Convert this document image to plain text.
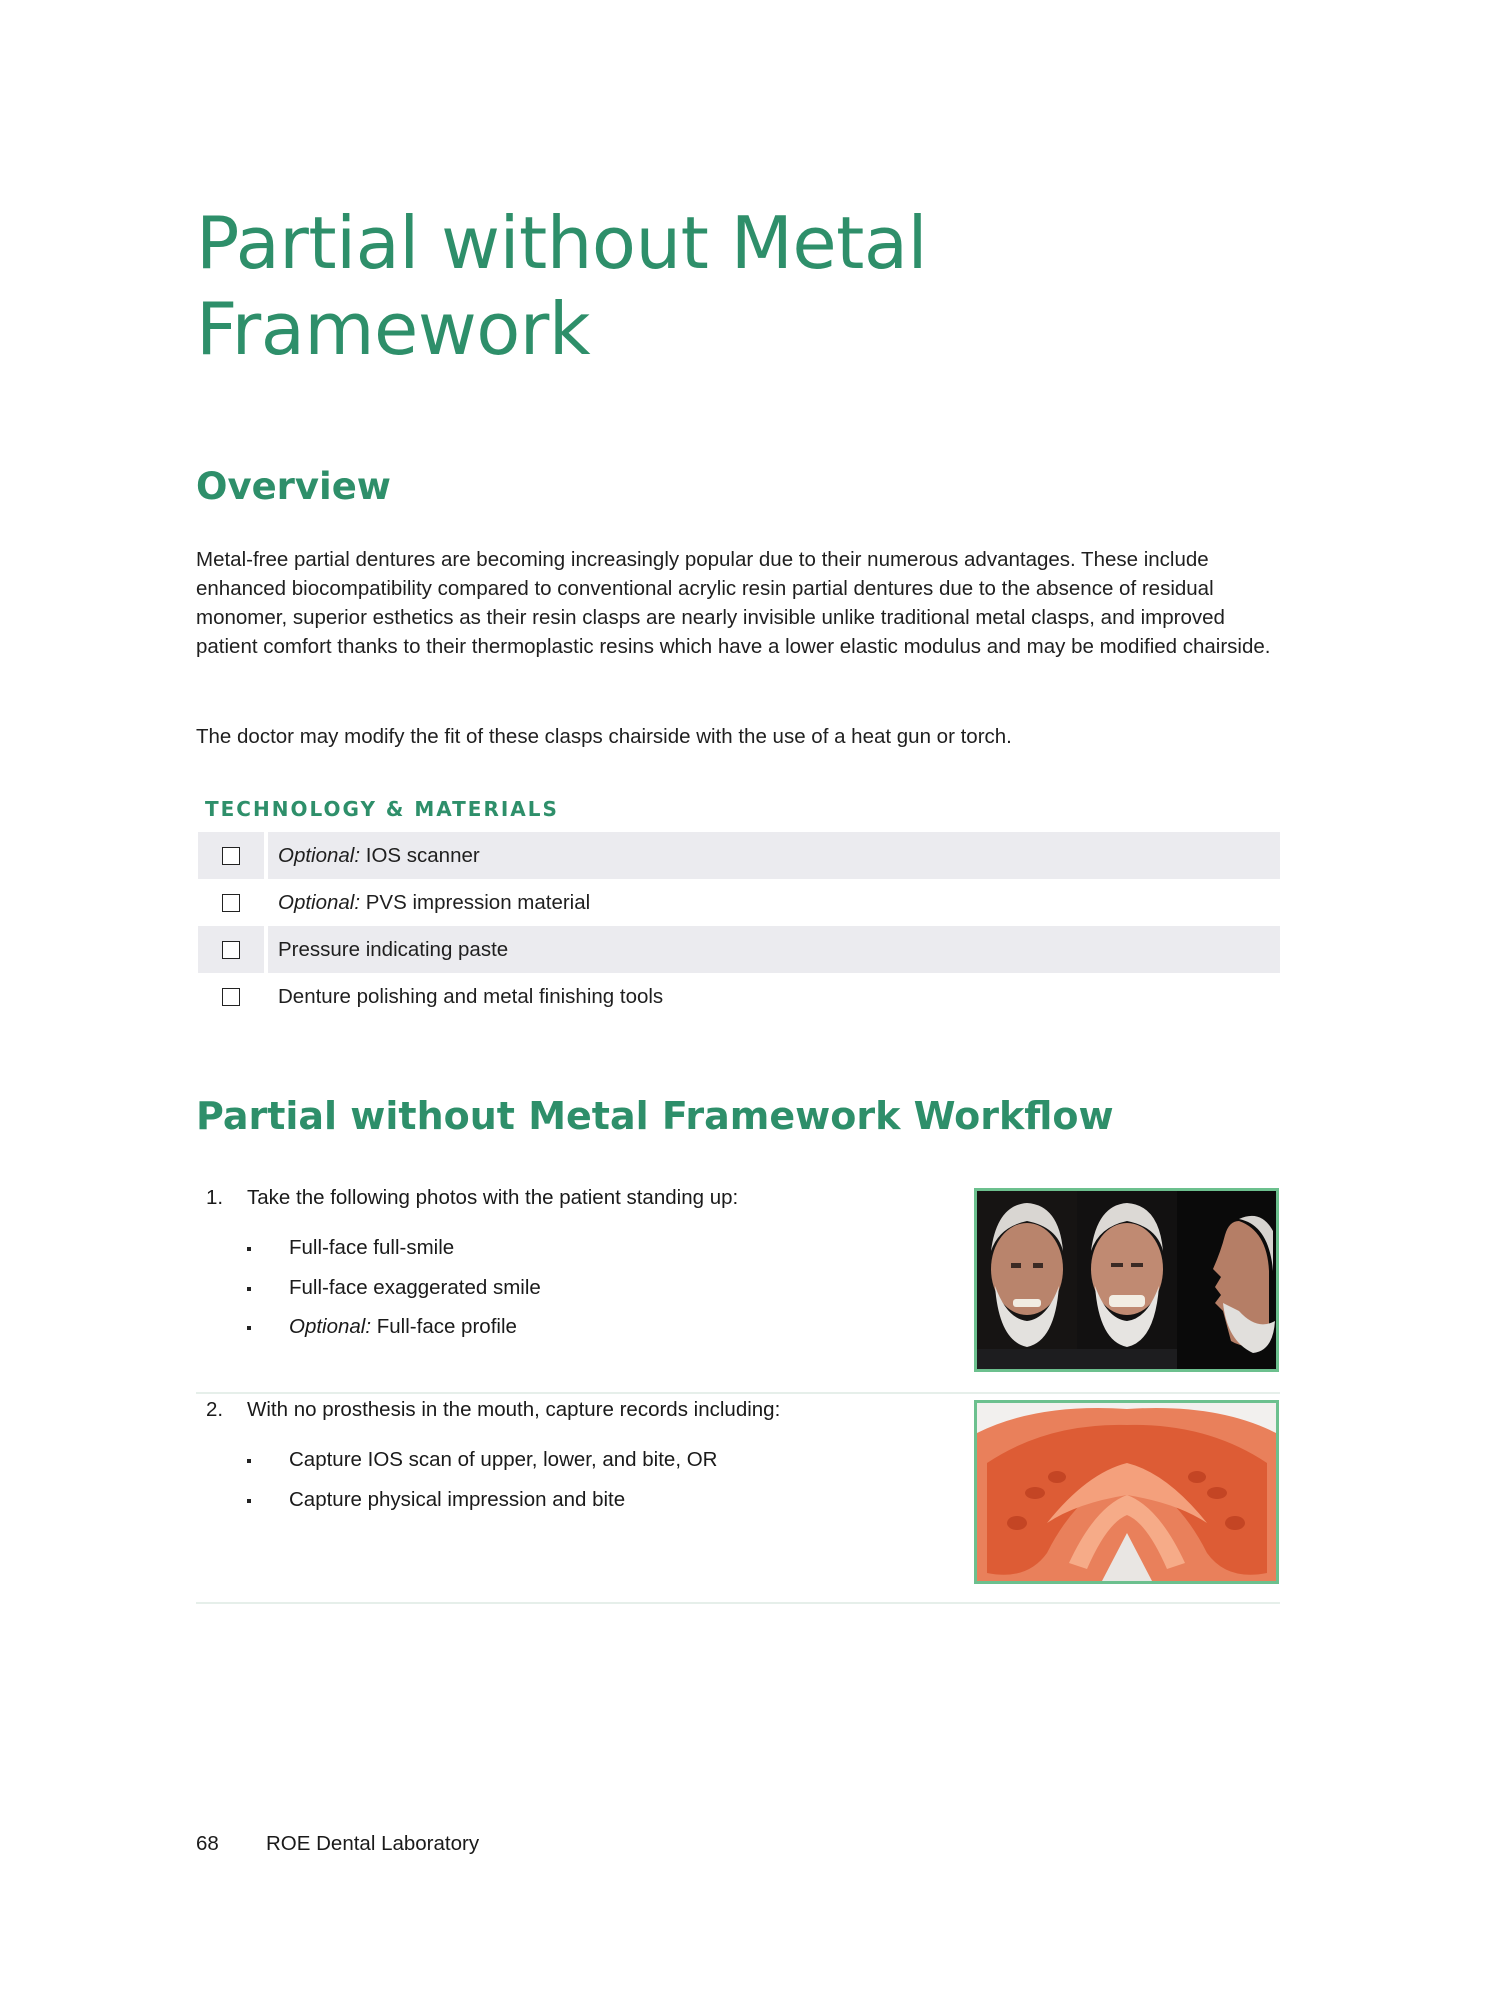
Partial without Metal
Framework
Overview

Metal-free partial dentures are becoming increasingly popular due to their numerous advantages. These include enhanced biocompatibility compared to conventional acrylic resin partial dentures due to the absence of residual monomer, superior esthetics as their resin clasps are nearly invisible unlike traditional metal clasps, and improved patient comfort thanks to their thermoplastic resins which have a lower elastic modulus and may be modified chairside.

The doctor may modify the fit of these clasps chairside with the use of a heat gun or torch.

TECHNOLOGY & MATERIALS
Optional: IOS scanner
Optional: PVS impression material
Pressure indicating paste
Denture polishing and metal finishing tools
Partial without Metal Framework Workflow
1. Take the following photos with the patient standing up:
Full-face full-smile
Full-face exaggerated smile
Optional: Full-face profile
2. With no prosthesis in the mouth, capture records including:
Capture IOS scan of upper, lower, and bite, OR
Capture physical impression and bite
68 ROE Dental Laboratory
